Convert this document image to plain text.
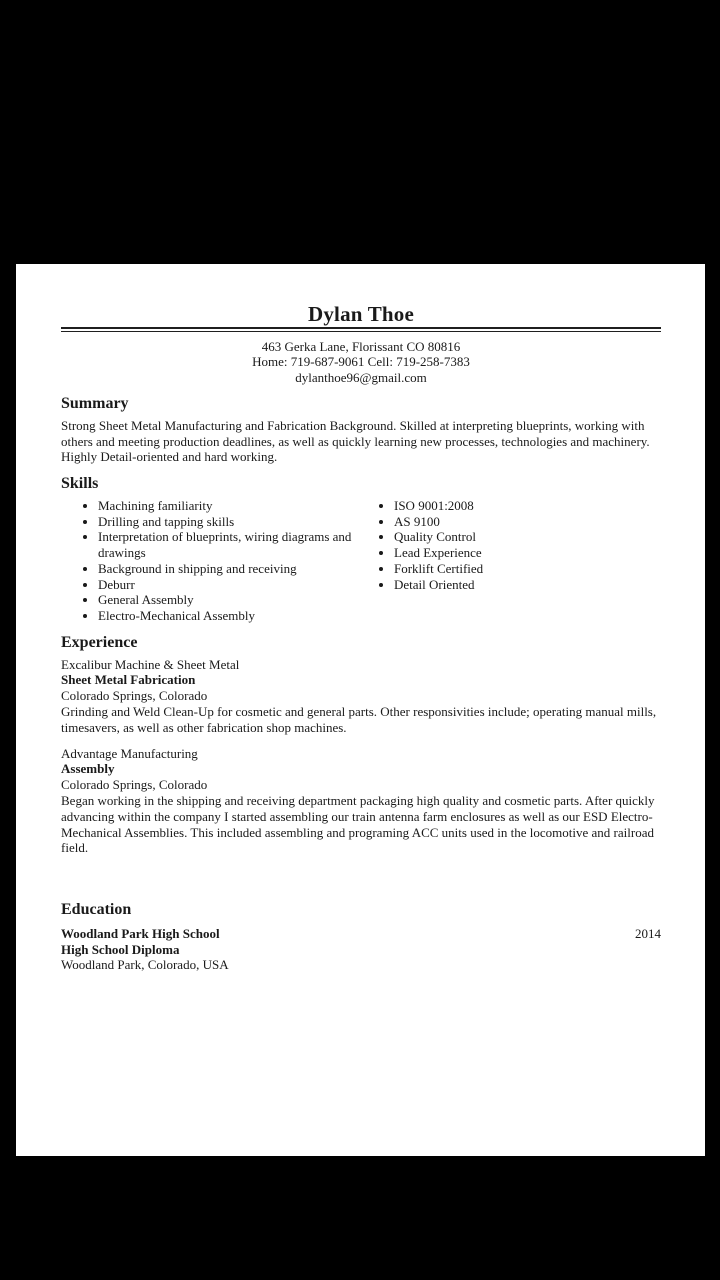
Dylan Thoe
463 Gerka Lane, Florissant CO 80816
Home: 719-687-9061 Cell: 719-258-7383
dylanthoe96@gmail.com
Summary

Strong Sheet Metal Manufacturing and Fabrication Background. Skilled at interpreting blueprints, working with others and meeting production deadlines, as well as quickly learning new processes, technologies and machinery. Highly Detail-oriented and hard working.

Skills
• Machining familiarity
• Drilling and tapping skills
• Interpretation of blueprints, wiring diagrams and drawings
• Background in shipping and receiving
• Deburr
• General Assembly
• Electro-Mechanical Assembly
• ISO 9001:2008
• AS 9100
• Quality Control
• Lead Experience
• Forklift Certified
• Detail Oriented
Experience
Excalibur Machine & Sheet Metal
Sheet Metal Fabrication
Colorado Springs, Colorado

Grinding and Weld Clean-Up for cosmetic and general parts. Other responsivities include; operating manual mills, timesavers, as well as other fabrication shop machines.

Advantage Manufacturing
Assembly
Colorado Springs, Colorado

Began working in the shipping and receiving department packaging high quality and cosmetic parts. After quickly advancing within the company I started assembling our train antenna farm enclosures as well as our ESD Electro-Mechanical Assemblies. This included assembling and programing ACC units used in the locomotive and railroad field.

Education
Woodland Park High School	2014
High School Diploma
Woodland Park, Colorado, USA
